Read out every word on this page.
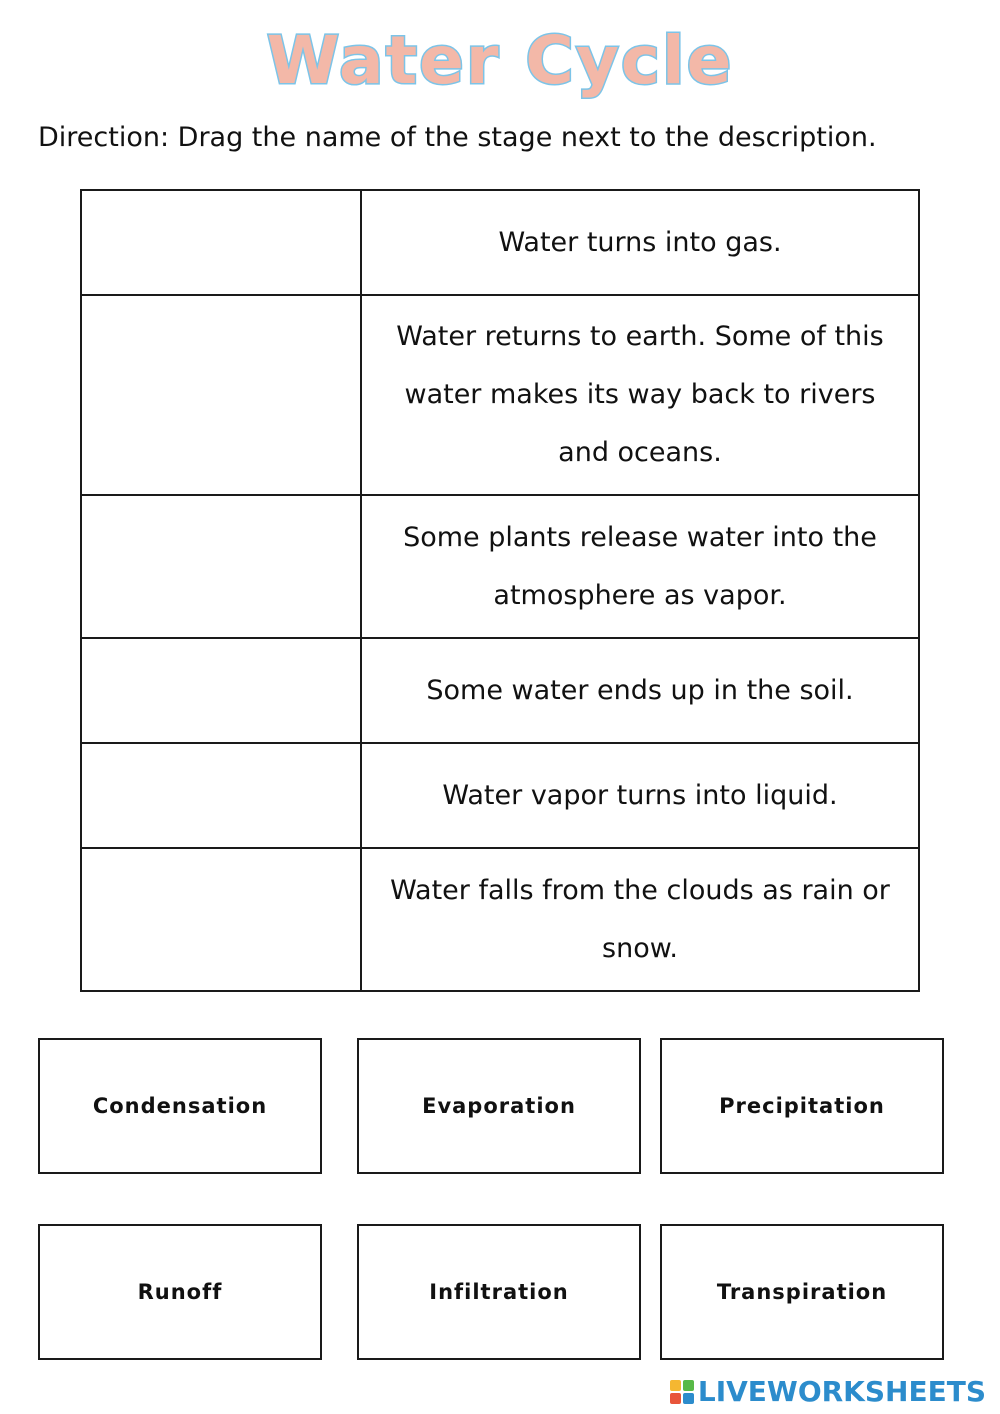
Water Cycle
Direction: Drag the name of the stage next to the description.
	Water turns into gas.
	Water returns to earth. Some of this water makes its way back to rivers and oceans.
	Some plants release water into the atmosphere as vapor.
	Some water ends up in the soil.
	Water vapor turns into liquid.
	Water falls from the clouds as rain or snow.
Condensation	Evaporation	Precipitation
Runoff	Infiltration	Transpiration
LIVEWORKSHEETS
